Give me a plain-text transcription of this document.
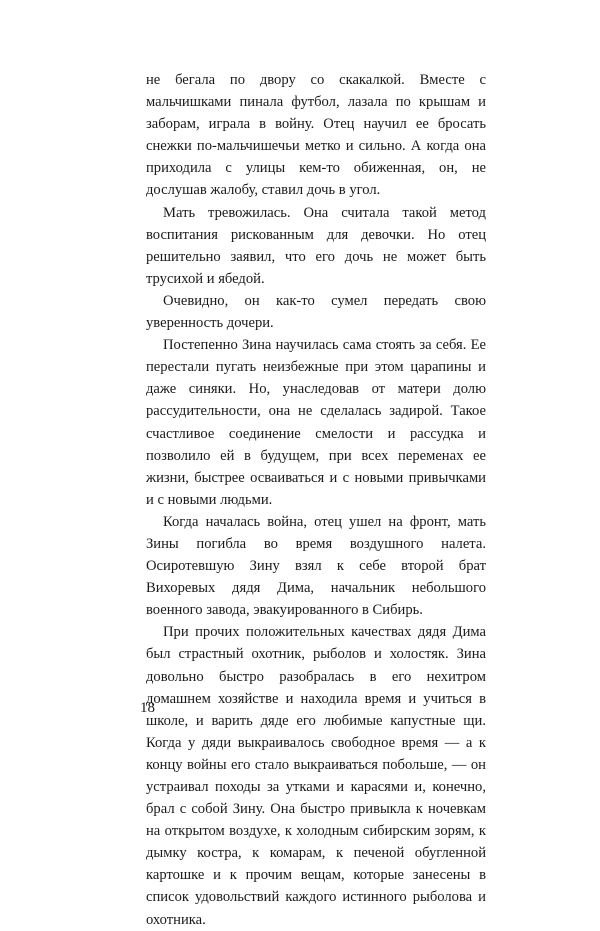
не бегала по двору со скакалкой. Вместе с мальчишками пинала футбол, лазала по крышам и заборам, играла в войну. Отец научил ее бросать снежки по-мальчишечьи метко и сильно. А когда она приходила с улицы кем-то обиженная, он, не дослушав жалобу, ставил дочь в угол.

Мать тревожилась. Она считала такой метод воспитания рискованным для девочки. Но отец решительно заявил, что его дочь не может быть трусихой и ябедой.

Очевидно, он как-то сумел передать свою уверенность дочери.

Постепенно Зина научилась сама стоять за себя. Ее перестали пугать неизбежные при этом царапины и даже синяки. Но, унаследовав от матери долю рассудительности, она не сделалась задирой. Такое счастливое соединение смелости и рассудка и позволило ей в будущем, при всех переменах ее жизни, быстрее осваиваться и с новыми привычками и с новыми людьми.

Когда началась война, отец ушел на фронт, мать Зины погибла во время воздушного налета. Осиротевшую Зину взял к себе второй брат Вихоревых дядя Дима, начальник небольшого военного завода, эвакуированного в Сибирь.

При прочих положительных качествах дядя Дима был страстный охотник, рыболов и холостяк. Зина довольно быстро разобралась в его нехитром домашнем хозяйстве и находила время и учиться в школе, и варить дяде его любимые капустные щи. Когда у дяди выкраивалось свободное время — а к концу войны его стало выкраиваться побольше, — он устраивал походы за утками и карасями и, конечно, брал с собой Зину. Она быстро привыкла к ночевкам на открытом воздухе, к холодным сибирским зорям, к дымку костра, к комарам, к печеной обугленной картошке и к прочим вещам, которые занесены в список удовольствий каждого истинного рыболова и охотника.

18
